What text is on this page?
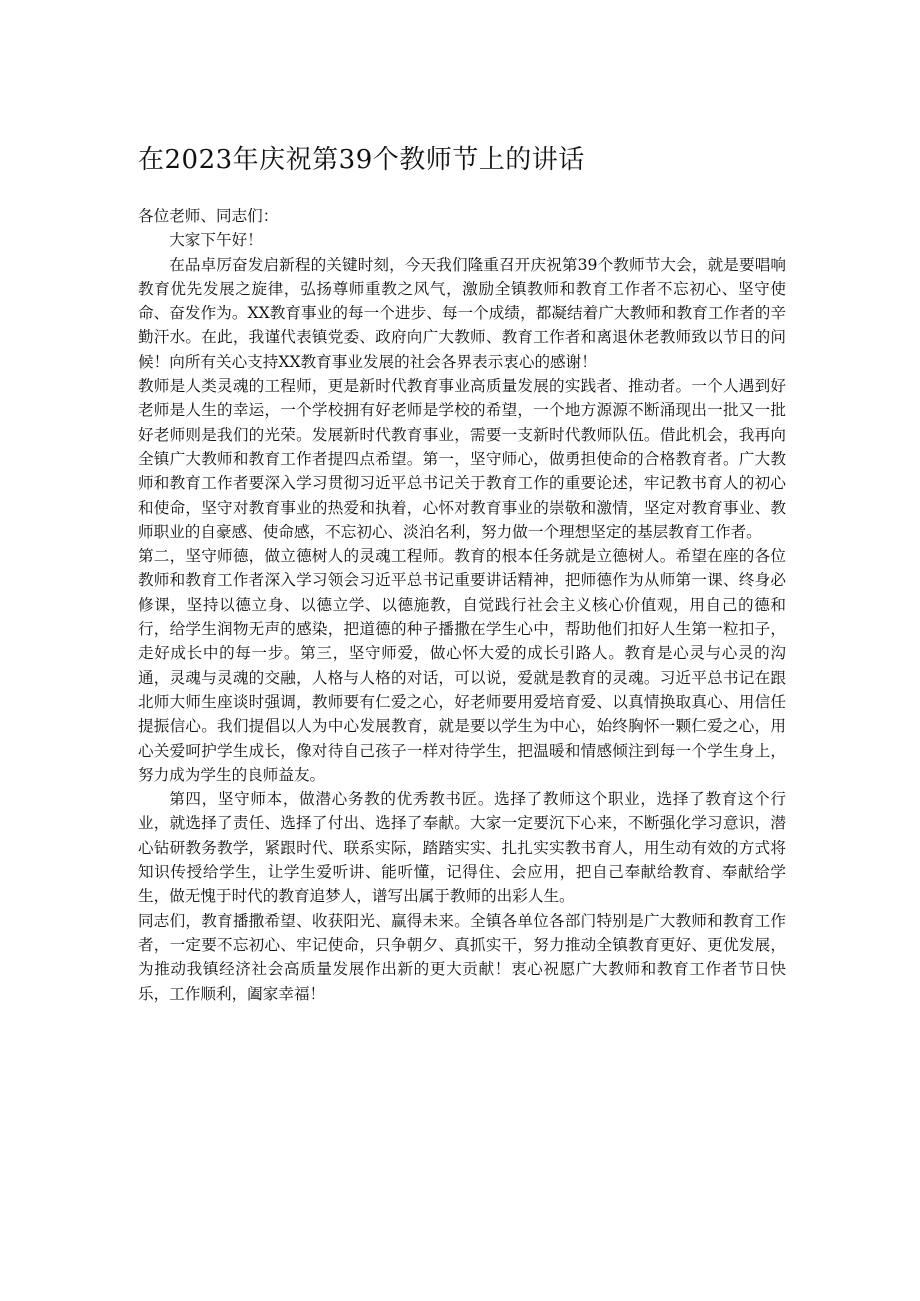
在2023年庆祝第39个教师节上的讲话

各位老师、同志们：

大家下午好！

在品卓厉奋发启新程的关键时刻，今天我们隆重召开庆祝第39个教师节大会，就是要唱响教育优先发展之旋律，弘扬尊师重教之风气，激励全镇教师和教育工作者不忘初心、坚守使命、奋发作为。XX教育事业的每一个进步、每一个成绩，都凝结着广大教师和教育工作者的辛勤汗水。在此，我谨代表镇党委、政府向广大教师、教育工作者和离退休老教师致以节日的问候！向所有关心支持XX教育事业发展的社会各界表示衷心的感谢！

教师是人类灵魂的工程师，更是新时代教育事业高质量发展的实践者、推动者。一个人遇到好老师是人生的幸运，一个学校拥有好老师是学校的希望，一个地方源源不断涌现出一批又一批好老师则是我们的光荣。发展新时代教育事业，需要一支新时代教师队伍。借此机会，我再向全镇广大教师和教育工作者提四点希望。第一，坚守师心，做勇担使命的合格教育者。广大教师和教育工作者要深入学习贯彻习近平总书记关于教育工作的重要论述，牢记教书育人的初心和使命，坚守对教育事业的热爱和执着，心怀对教育事业的崇敬和激情，坚定对教育事业、教师职业的自豪感、使命感，不忘初心、淡泊名利，努力做一个理想坚定的基层教育工作者。

第二，坚守师德，做立德树人的灵魂工程师。教育的根本任务就是立德树人。希望在座的各位教师和教育工作者深入学习领会习近平总书记重要讲话精神，把师德作为从师第一课、终身必修课，坚持以德立身、以德立学、以德施教，自觉践行社会主义核心价值观，用自己的德和行，给学生润物无声的感染，把道德的种子播撒在学生心中，帮助他们扣好人生第一粒扣子，走好成长中的每一步。第三，坚守师爱，做心怀大爱的成长引路人。教育是心灵与心灵的沟通，灵魂与灵魂的交融，人格与人格的对话，可以说，爱就是教育的灵魂。习近平总书记在跟北师大师生座谈时强调，教师要有仁爱之心，好老师要用爱培育爱、以真情换取真心、用信任提振信心。我们提倡以人为中心发展教育，就是要以学生为中心，始终胸怀一颗仁爱之心，用心关爱呵护学生成长，像对待自己孩子一样对待学生，把温暖和情感倾注到每一个学生身上，努力成为学生的良师益友。

第四，坚守师本，做潜心务教的优秀教书匠。选择了教师这个职业，选择了教育这个行业，就选择了责任、选择了付出、选择了奉献。大家一定要沉下心来，不断强化学习意识，潜心钻研教务教学，紧跟时代、联系实际，踏踏实实、扎扎实实教书育人，用生动有效的方式将知识传授给学生，让学生爱听讲、能听懂，记得住、会应用，把自己奉献给教育、奉献给学生，做无愧于时代的教育追梦人，谱写出属于教师的出彩人生。

同志们，教育播撒希望、收获阳光、赢得未来。全镇各单位各部门特别是广大教师和教育工作者，一定要不忘初心、牢记使命，只争朝夕、真抓实干，努力推动全镇教育更好、更优发展，为推动我镇经济社会高质量发展作出新的更大贡献！衷心祝愿广大教师和教育工作者节日快乐，工作顺利，阖家幸福！
